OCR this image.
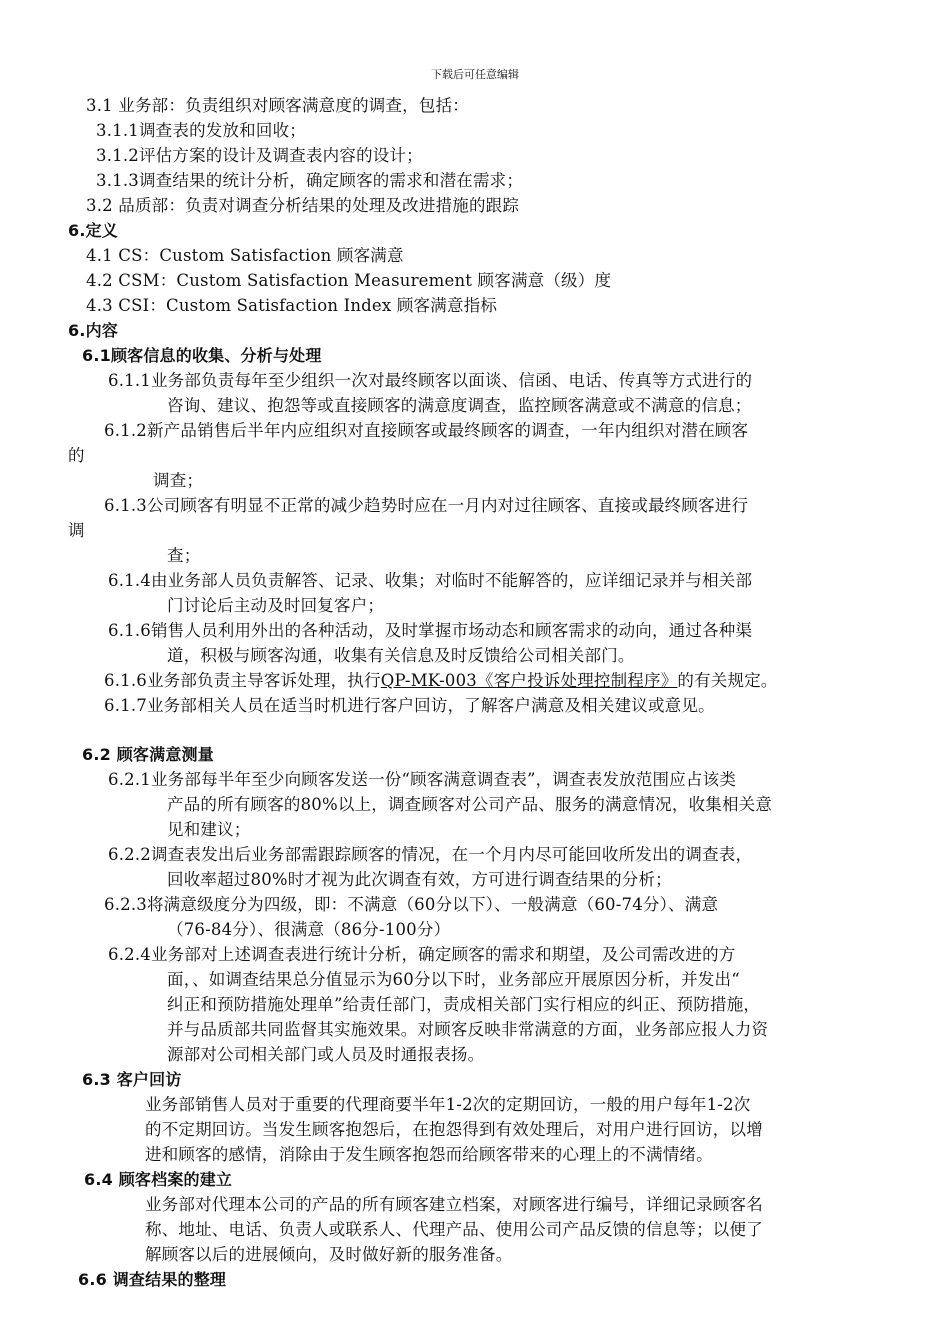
下载后可任意编辑
3.1 业务部：负责组织对顾客满意度的调查，包括：
3.1.1调查表的发放和回收；
3.1.2评估方案的设计及调查表内容的设计；
3.1.3调查结果的统计分析，确定顾客的需求和潜在需求；
3.2 品质部：负责对调查分析结果的处理及改进措施的跟踪
6.定义
4.1 CS：Custom Satisfaction 顾客满意
4.2 CSM：Custom Satisfaction Measurement 顾客满意（级）度
4.3 CSI：Custom Satisfaction Index 顾客满意指标
6.内容
6.1顾客信息的收集、分析与处理
6.1.1业务部负责每年至少组织一次对最终顾客以面谈、信函、电话、传真等方式进行的
咨询、建议、抱怨等或直接顾客的满意度调查，监控顾客满意或不满意的信息；
6.1.2新产品销售后半年内应组织对直接顾客或最终顾客的调查，一年内组织对潜在顾客
的
调查；
6.1.3公司顾客有明显不正常的减少趋势时应在一月内对过往顾客、直接或最终顾客进行
调
查；
6.1.4由业务部人员负责解答、记录、收集；对临时不能解答的，应详细记录并与相关部
门讨论后主动及时回复客户；
6.1.6销售人员利用外出的各种活动，及时掌握市场动态和顾客需求的动向，通过各种渠
道，积极与顾客沟通，收集有关信息及时反馈给公司相关部门。
6.1.6业务部负责主导客诉处理，执行QP-MK-003《客户投诉处理控制程序》的有关规定。
6.1.7业务部相关人员在适当时机进行客户回访，了解客户满意及相关建议或意见。
6.2 顾客满意测量
6.2.1业务部每半年至少向顾客发送一份“顾客满意调查表”，调查表发放范围应占该类
产品的所有顾客的80%以上，调查顾客对公司产品、服务的满意情况，收集相关意
见和建议；
6.2.2调查表发出后业务部需跟踪顾客的情况，在一个月内尽可能回收所发出的调查表，
回收率超过80%时才视为此次调查有效，方可进行调查结果的分析；
6.2.3将满意级度分为四级，即：不满意（60分以下）、一般满意（60-74分）、满意
（76-84分）、很满意（86分-100分）
6.2.4业务部对上述调查表进行统计分析，确定顾客的需求和期望，及公司需改进的方
面，、如调查结果总分值显示为60分以下时，业务部应开展原因分析，并发出“
纠正和预防措施处理单”给责任部门，责成相关部门实行相应的纠正、预防措施，
并与品质部共同监督其实施效果。对顾客反映非常满意的方面，业务部应报人力资
源部对公司相关部门或人员及时通报表扬。
6.3 客户回访
业务部销售人员对于重要的代理商要半年1-2次的定期回访，一般的用户每年1-2次
的不定期回访。当发生顾客抱怨后，在抱怨得到有效处理后，对用户进行回访，以增
进和顾客的感情，消除由于发生顾客抱怨而给顾客带来的心理上的不满情绪。
6.4 顾客档案的建立
业务部对代理本公司的产品的所有顾客建立档案，对顾客进行编号，详细记录顾客名
称、地址、电话、负责人或联系人、代理产品、使用公司产品反馈的信息等；以便了
解顾客以后的进展倾向，及时做好新的服务准备。
6.6 调查结果的整理
